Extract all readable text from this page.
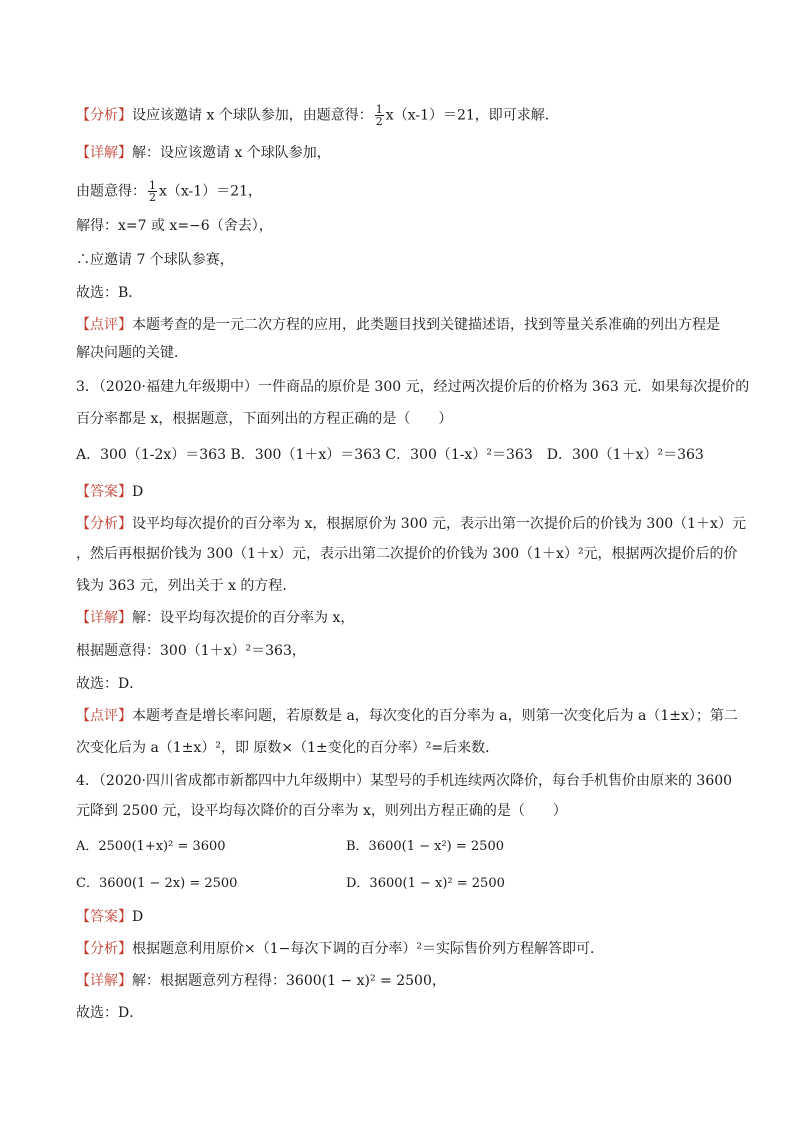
【分析】设应该邀请 x 个球队参加，由题意得： $\frac{1}{2} x(x-1)=21$，即可求解．
【详解】解：设应该邀请 x 个球队参加，
由题意得： $\frac{1}{2} x(x-1)=21$，
解得：x=7 或 x=−6（舍去），
∴应邀请 7 个球队参赛，
故选：B．
【点评】本题考查的是一元二次方程的应用，此类题目找到关键描述语，找到等量关系准确的列出方程是
解决问题的关键．
3．（2020·福建九年级期中）一件商品的原价是 300 元，经过两次提价后的价格为 363 元．如果每次提价的
百分率都是 x，根据题意，下面列出的方程正确的是（　　）
A．300（1-2x）＝363 B．300（1＋x）＝363 C．300（1-x）²＝363　D．300（1＋x）²＝363
【答案】D
【分析】设平均每次提价的百分率为 x，根据原价为 300 元，表示出第一次提价后的价钱为 300（1＋x）元
，然后再根据价钱为 300（1＋x）元，表示出第二次提价的价钱为 300（1＋x）²元，根据两次提价后的价
钱为 363 元，列出关于 x 的方程．
【详解】解：设平均每次提价的百分率为 x，
根据题意得：300（1＋x）²＝363，
故选：D．
【点评】本题考查是增长率问题，若原数是 a，每次变化的百分率为 a，则第一次变化后为 a（1±x）；第二
次变化后为 a（1±x）²，即 原数×（1±变化的百分率）²=后来数．
4．（2020·四川省成都市新都四中九年级期中）某型号的手机连续两次降价，每台手机售价由原来的 3600
元降到 2500 元，设平均每次降价的百分率为 x，则列出方程正确的是（　　）
A．2500(1+x)² = 3600	B．3600(1 − x²) = 2500
C．3600(1 − 2x) = 2500	D．3600(1 − x)² = 2500
【答案】D
【分析】根据题意利用原价×（1−每次下调的百分率）²＝实际售价列方程解答即可．
【详解】解：根据题意列方程得：3600(1 − x)² = 2500，
故选：D．
